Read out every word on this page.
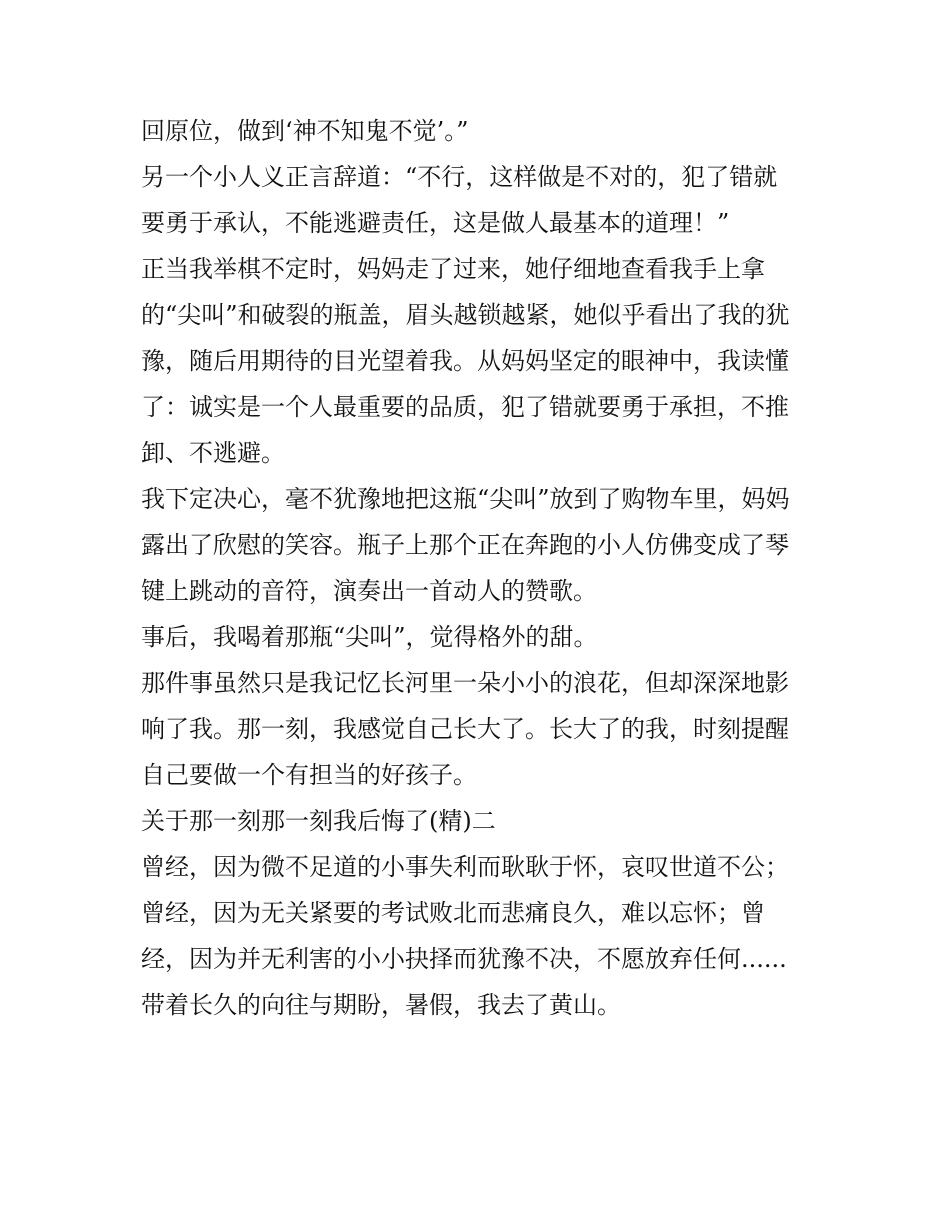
回原位，做到‘神不知鬼不觉’。”
另一个小人义正言辞道：“不行，这样做是不对的，犯了错就
要勇于承认，不能逃避责任，这是做人最基本的道理！”
正当我举棋不定时，妈妈走了过来，她仔细地查看我手上拿
的“尖叫”和破裂的瓶盖，眉头越锁越紧，她似乎看出了我的犹
豫，随后用期待的目光望着我。从妈妈坚定的眼神中，我读懂
了：诚实是一个人最重要的品质，犯了错就要勇于承担，不推
卸、不逃避。
我下定决心，毫不犹豫地把这瓶“尖叫”放到了购物车里，妈妈
露出了欣慰的笑容。瓶子上那个正在奔跑的小人仿佛变成了琴
键上跳动的音符，演奏出一首动人的赞歌。
事后，我喝着那瓶“尖叫”，觉得格外的甜。
那件事虽然只是我记忆长河里一朵小小的浪花，但却深深地影
响了我。那一刻，我感觉自己长大了。长大了的我，时刻提醒
自己要做一个有担当的好孩子。
关于那一刻那一刻我后悔了(精)二
曾经，因为微不足道的小事失利而耿耿于怀，哀叹世道不公；
曾经，因为无关紧要的考试败北而悲痛良久，难以忘怀；曾
经，因为并无利害的小小抉择而犹豫不决，不愿放弃任何......
带着长久的向往与期盼，暑假，我去了黄山。
